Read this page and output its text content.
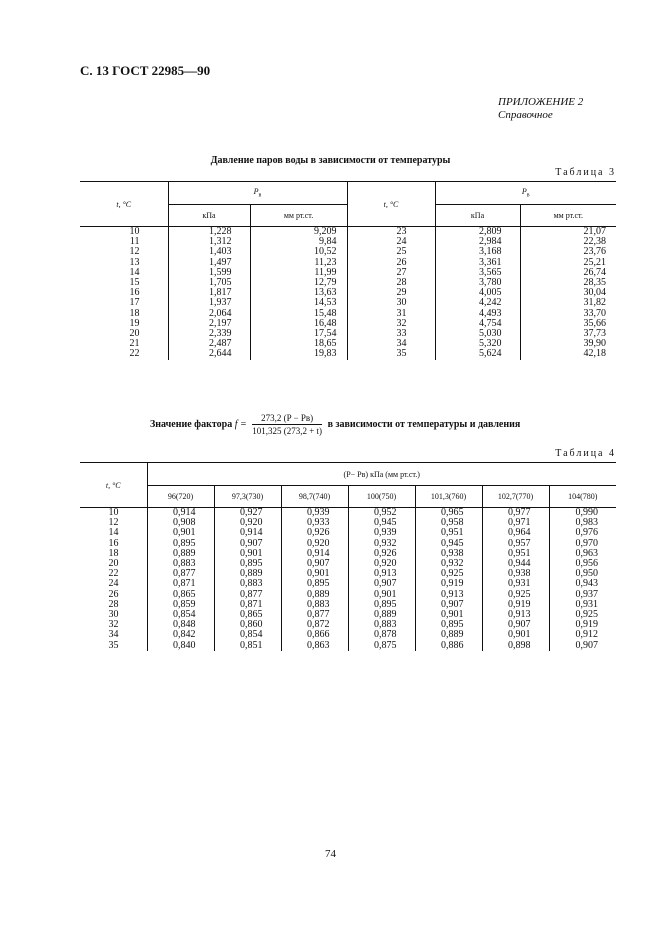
С. 13 ГОСТ 22985—90
ПРИЛОЖЕНИЕ 2
Справочное
Давление паров воды в зависимости от температуры
Таблица 3
t, °C	$P_в$		t, °C	$P_в$
	кПа	мм рт.ст.		кПа	мм рт.ст.
10	1,228	9,209	23	2,809	21,07
11	1,312	9,84	24	2,984	22,38
12	1,403	10,52	25	3,168	23,76
13	1,497	11,23	26	3,361	25,21
14	1,599	11,99	27	3,565	26,74
15	1,705	12,79	28	3,780	28,35
16	1,817	13,63	29	4,005	30,04
17	1,937	14,53	30	4,242	31,82
18	2,064	15,48	31	4,493	33,70
19	2,197	16,48	32	4,754	35,66
20	2,339	17,54	33	5,030	37,73
21	2,487	18,65	34	5,320	39,90
22	2,644	19,83	35	5,624	42,18
Значение фактора $f = \frac{273,2 (P - Pв)}{101,325 (273,2 + t)}$ в зависимости от температуры и давления
Таблица 4
t, °C	(P− Pв) кПа (мм рт.ст.)						
	96(720)	97,3(730)	98,7(740)	100(750)	101,3(760)	102,7(770)	104(780)
10	0,914	0,927	0,939	0,952	0,965	0,977	0,990
12	0,908	0,920	0,933	0,945	0,958	0,971	0,983
14	0,901	0,914	0,926	0,939	0,951	0,964	0,976
16	0,895	0,907	0,920	0,932	0,945	0,957	0,970
18	0,889	0,901	0,914	0,926	0,938	0,951	0,963
20	0,883	0,895	0,907	0,920	0,932	0,944	0,956
22	0,877	0,889	0,901	0,913	0,925	0,938	0,950
24	0,871	0,883	0,895	0,907	0,919	0,931	0,943
26	0,865	0,877	0,889	0,901	0,913	0,925	0,937
28	0,859	0,871	0,883	0,895	0,907	0,919	0,931
30	0,854	0,865	0,877	0,889	0,901	0,913	0,925
32	0,848	0,860	0,872	0,883	0,895	0,907	0,919
34	0,842	0,854	0,866	0,878	0,889	0,901	0,912
35	0,840	0,851	0,863	0,875	0,886	0,898	0,907
74
